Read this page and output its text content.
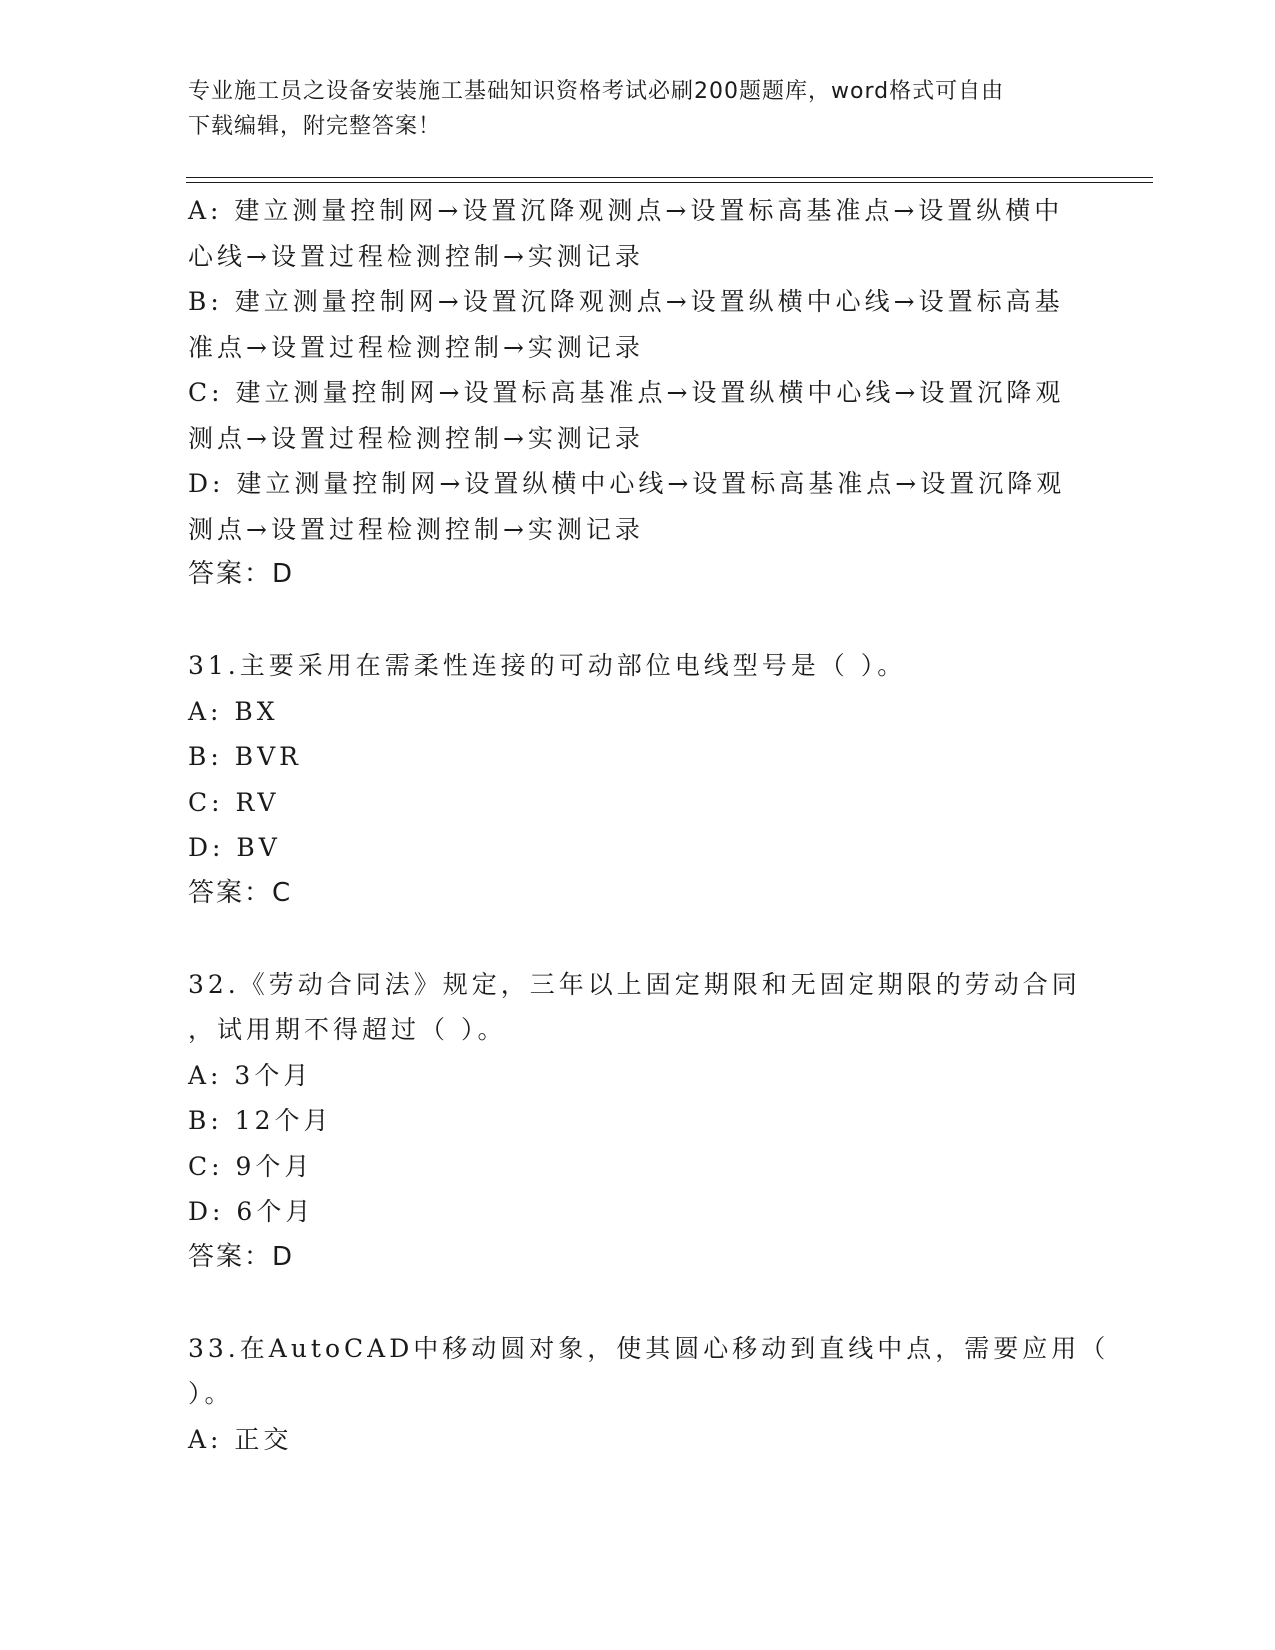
专业施工员之设备安装施工基础知识资格考试必刷200题题库，word格式可自由
下载编辑，附完整答案！
A: 建立测量控制网→设置沉降观测点→设置标高基准点→设置纵横中
心线→设置过程检测控制→实测记录
B: 建立测量控制网→设置沉降观测点→设置纵横中心线→设置标高基
准点→设置过程检测控制→实测记录
C: 建立测量控制网→设置标高基准点→设置纵横中心线→设置沉降观
测点→设置过程检测控制→实测记录
D: 建立测量控制网→设置纵横中心线→设置标高基准点→设置沉降观
测点→设置过程检测控制→实测记录
答案：D
31.主要采用在需柔性连接的可动部位电线型号是（ ）。
A: BX
B: BVR
C: RV
D: BV
答案：C
32.《劳动合同法》规定，三年以上固定期限和无固定期限的劳动合同
，试用期不得超过（ ）。
A: 3个月
B: 12个月
C: 9个月
D: 6个月
答案：D
33.在AutoCAD中移动圆对象，使其圆心移动到直线中点，需要应用（
）。
A: 正交
